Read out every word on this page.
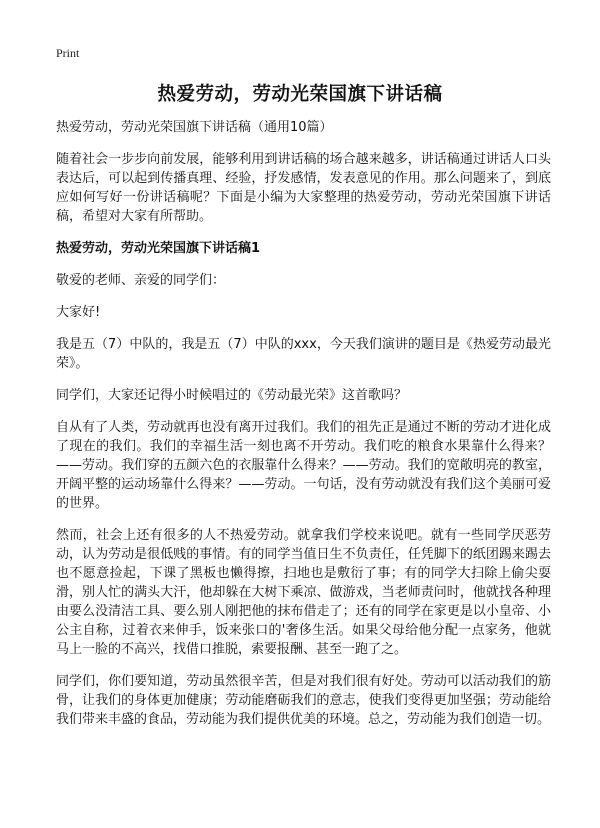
Print
热爱劳动，劳动光荣国旗下讲话稿

热爱劳动，劳动光荣国旗下讲话稿（通用10篇）

随着社会一步步向前发展，能够利用到讲话稿的场合越来越多，讲话稿通过讲话人口头表达后，可以起到传播真理、经验，抒发感情，发表意见的作用。那么问题来了，到底应如何写好一份讲话稿呢？下面是小编为大家整理的热爱劳动，劳动光荣国旗下讲话稿，希望对大家有所帮助。

热爱劳动，劳动光荣国旗下讲话稿1

敬爱的老师、亲爱的同学们：

大家好!

我是五（7）中队的，我是五（7）中队的xxx，今天我们演讲的题目是《热爱劳动最光荣》。

同学们，大家还记得小时候唱过的《劳动最光荣》这首歌吗？

自从有了人类，劳动就再也没有离开过我们。我们的祖先正是通过不断的劳动才进化成了现在的我们。我们的幸福生活一刻也离不开劳动。我们吃的粮食水果靠什么得来？——劳动。我们穿的五颜六色的衣服靠什么得来？——劳动。我们的宽敞明亮的教室，开阔平整的运动场靠什么得来？——劳动。一句话，没有劳动就没有我们这个美丽可爱的世界。

然而，社会上还有很多的人不热爱劳动。就拿我们学校来说吧。就有一些同学厌恶劳动，认为劳动是很低贱的事情。有的同学当值日生不负责任，任凭脚下的纸团踢来踢去也不愿意捡起，下课了黑板也懒得擦，扫地也是敷衍了事；有的同学大扫除上偷尖耍滑，别人忙的满头大汗，他却躲在大树下乘凉、做游戏，当老师责问时，他就找各种理由要么没清洁工具、要么别人刚把他的抹布借走了；还有的同学在家更是以小皇帝、小公主自称，过着衣来伸手，饭来张口的'奢侈生活。如果父母给他分配一点家务，他就马上一脸的不高兴，找借口推脱，索要报酬、甚至一跑了之。

同学们，你们要知道，劳动虽然很辛苦，但是对我们很有好处。劳动可以活动我们的筋骨，让我们的身体更加健康；劳动能磨砺我们的意志，使我们变得更加坚强；劳动能给我们带来丰盛的食品，劳动能为我们提供优美的环境。总之，劳动能为我们创造一切。
